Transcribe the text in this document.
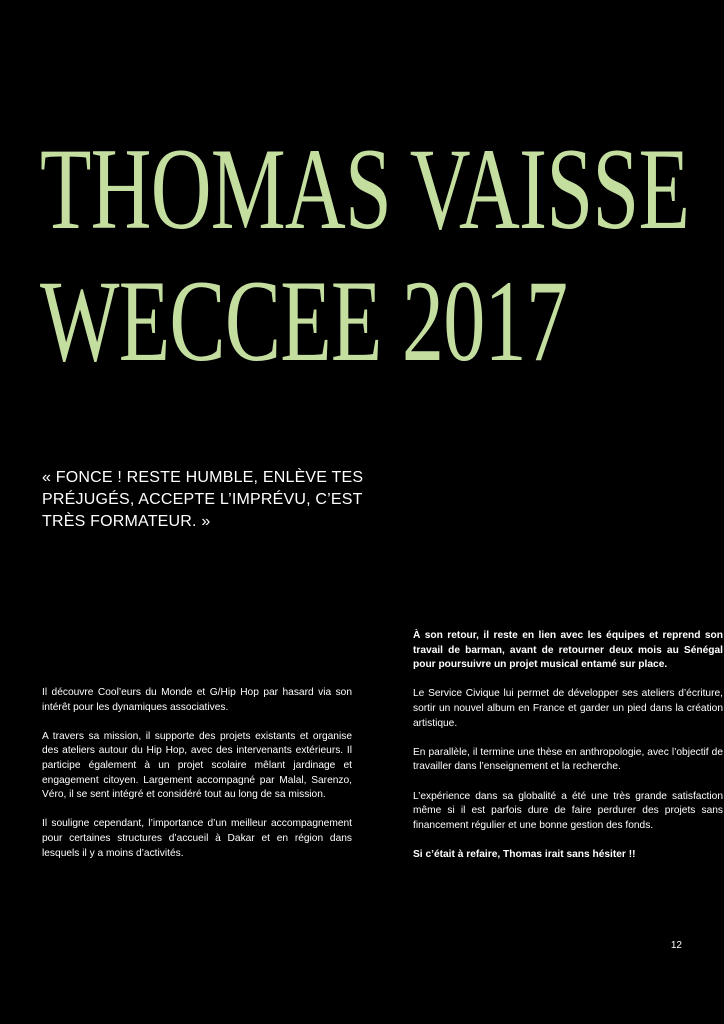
THOMAS VAISSE
WECCEE 2017

« FONCE ! RESTE HUMBLE, ENLÈVE TES PRÉJUGÉS, ACCEPTE L’IMPRÉVU, C’EST TRÈS FORMATEUR. »

Il découvre Cool’eurs du Monde et G/Hip Hop par hasard via son intérêt pour les dynamiques associatives.

A travers sa mission, il supporte des projets existants et organise des ateliers autour du Hip Hop, avec des intervenants extérieurs. Il participe également à un projet scolaire mêlant jardinage et engagement citoyen. Largement accompagné par Malal, Sarenzo, Véro, il se sent intégré et considéré tout au long de sa mission.

Il souligne cependant, l’importance d’un meilleur accompagnement pour certaines structures d’accueil à Dakar et en région dans lesquels il y a moins d’activités.

À son retour, il reste en lien avec les équipes et reprend son travail de barman, avant de retourner deux mois au Sénégal pour poursuivre un projet musical entamé sur place.

Le Service Civique lui permet de développer ses ateliers d’écriture, sortir un nouvel album en France et garder un pied dans la création artistique.

En parallèle, il termine une thèse en anthropologie, avec l’objectif de travailler dans l’enseignement et la recherche.

L’expérience dans sa globalité a été une très grande satisfaction même si il est parfois dure de faire perdurer des projets sans financement régulier et une bonne gestion des fonds.

Si c’était à refaire, Thomas irait sans hésiter !!

12
